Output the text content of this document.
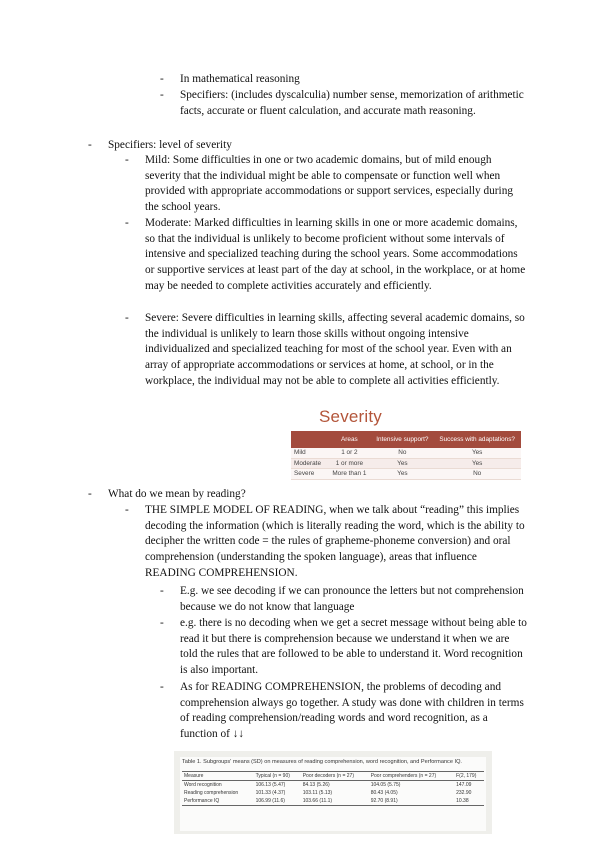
- In mathematical reasoning
- Specifiers: (includes dyscalculia) number sense, memorization of arithmetic facts, accurate or fluent calculation, and accurate math reasoning.
- Specifiers: level of severity
- Mild: Some difficulties in one or two academic domains, but of mild enough severity that the individual might be able to compensate or function well when provided with appropriate accommodations or support services, especially during the school years.
- Moderate: Marked difficulties in learning skills in one or more academic domains, so that the individual is unlikely to become proficient without some intervals of intensive and specialized teaching during the school years. Some accommodations or supportive services at least part of the day at school, in the workplace, or at home may be needed to complete activities accurately and efficiently.
- Severe: Severe difficulties in learning skills, affecting several academic domains, so the individual is unlikely to learn those skills without ongoing intensive individualized and specialized teaching for most of the school year. Even with an array of appropriate accommodations or services at home, at school, or in the workplace, the individual may not be able to complete all activities efficiently.
Severity
	Areas	Intensive support?	Success with adaptations?
Mild	1 or 2	No	Yes
Moderate	1 or more	Yes	Yes
Severe	More than 1	Yes	No
- What do we mean by reading?
- THE SIMPLE MODEL OF READING, when we talk about “reading” this implies decoding the information (which is literally reading the word, which is the ability to decipher the written code = the rules of grapheme-phoneme conversion) and oral comprehension (understanding the spoken language), areas that influence READING COMPREHENSION.
- E.g. we see decoding if we can pronounce the letters but not comprehension because we do not know that language
- e.g. there is no decoding when we get a secret message without being able to read it but there is comprehension because we understand it when we are told the rules that are followed to be able to understand it. Word recognition is also important.
- As for READING COMPREHENSION, the problems of decoding and comprehension always go together. A study was done with children in terms of reading comprehension/reading words and word recognition, as a function of ↓↓
Table 1. Subgroups' means (SD) on measures of reading comprehension, word recognition, and Performance IQ.
Measure	Typical (n = 90)	Poor decoders (n = 27)	Poor comprehenders (n = 27)	F(2, 179)
Word recognition	106.13 (5.47)	84.13 (5.26)	104.05 (5.75)	147.09
Reading comprehension	101.33 (4.37)	103.11 (5.13)	80.43 (4.05)	232.90
Performance IQ	106.99 (11.6)	103.66 (11.1)	92.70 (8.91)	10.38
